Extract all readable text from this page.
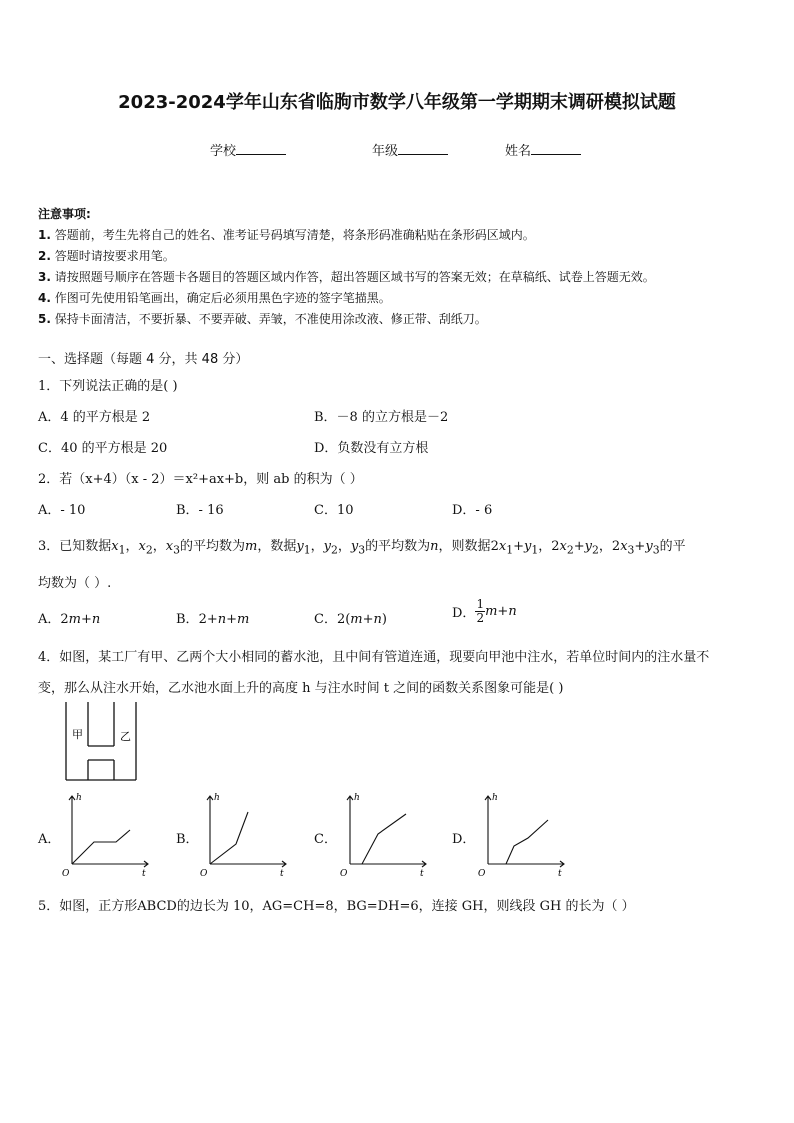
2023-2024学年山东省临朐市数学八年级第一学期期末调研模拟试题
学校	年级	姓名
注意事项:
1. 答题前，考生先将自己的姓名、准考证号码填写清楚，将条形码准确粘贴在条形码区域内。
2. 答题时请按要求用笔。
3. 请按照题号顺序在答题卡各题目的答题区域内作答，超出答题区域书写的答案无效；在草稿纸、试卷上答题无效。
4. 作图可先使用铅笔画出，确定后必须用黑色字迹的签字笔描黑。
5. 保持卡面清洁，不要折暴、不要弄破、弄皱，不准使用涂改液、修正带、刮纸刀。
一、选择题（每题 4 分，共 48 分）
1．下列说法正确的是( )
A．4 的平方根是 2	B．－8 的立方根是－2
C．40 的平方根是 20	D．负数没有立方根
2．若（x+4）（x - 2）＝x²+ax+b，则 ab 的积为（ ）
A．- 10	B．- 16	C．10	D．- 6
3．已知数据$x_1$，$x_2$，$x_3$的平均数为m，数据$y_1$，$y_2$，$y_3$的平均数为n，则数据$2x_1+y_1$，$2x_2+y_2$，$2x_3+y_3$的平
均数为（ ）.
A．2m+n	B．2+n+m	C．2(m+n)	D． $\frac{1}{2} m+n$
4．如图，某工厂有甲、乙两个大小相同的蓄水池，且中间有管道连通，现要向甲池中注水，若单位时间内的注水量不
变，那么从注水开始，乙水池水面上升的高度 h 与注水时间 t 之间的函数关系图象可能是( )
甲	乙
A．	B．	C．	D．
h
t
O
h
t
O
h
t
O
h
t
O
5．如图，正方形ABCD的边长为 10，AG=CH=8，BG=DH=6，连接 GH，则线段 GH 的长为（ ）
